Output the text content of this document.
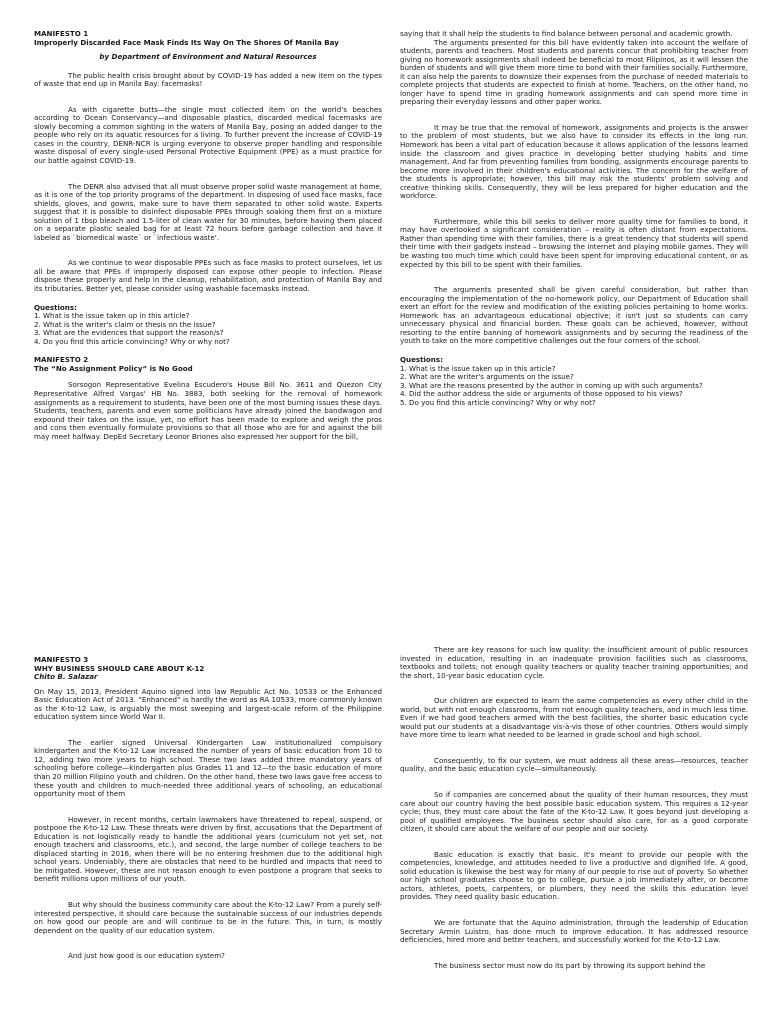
MANIFESTO 1
Improperly Discarded Face Mask Finds Its Way On The Shores Of Manila Bay
by Department of Environment and Natural Resources

The public health crisis brought about by COVID-19 has added a new item on the types of waste that end up in Manila Bay: facemasks!

As with cigarette butts—the single most collected item on the world's beaches according to Ocean Conservancy—and disposable plastics, discarded medical facemasks are slowly becoming a common sighting in the waters of Manila Bay, posing an added danger to the people who rely on its aquatic resources for a living. To further prevent the increase of COVID-19 cases in the country, DENR-NCR is urging everyone to observe proper handling and responsible waste disposal of every single-used Personal Protective Equipment (PPE) as a must practice for our battle against COVID-19.

The DENR also advised that all must observe proper solid waste management at home, as it is one of the top priority programs of the department. In disposing of used face masks, face shields, gloves, and gowns, make sure to have them separated to other solid waste. Experts suggest that it is possible to disinfect disposable PPEs through soaking them first on a mixture solution of 1 tbsp bleach and 1.5-liter of clean water for 30 minutes, before having them placed on a separate plastic sealed bag for at least 72 hours before garbage collection and have it labeled as `biomedical waste` or `infectious waste'.

As we continue to wear disposable PPEs such as face masks to protect ourselves, let us all be aware that PPEs if improperly disposed can expose other people to infection. Please dispose these properly and help in the cleanup, rehabilitation, and protection of Manila Bay and its tributaries. Better yet, please consider using washable facemasks instead.

Questions:
1. What is the issue taken up in this article?
2. What is the writer's claim or thesis on the issue?
3. What are the evidences that support the reason/s?
4. Do you find this article convincing? Why or why not?
MANIFESTO 2
The “No Assignment Policy” is No Good

Sorsogon Representative Evelina Escudero's House Bill No. 3611 and Quezon City Representative Alfred Vargas' HB No. 3883, both seeking for the removal of homework assignments as a requirement to students, have been one of the most burning issues these days. Students, teachers, parents and even some politicians have already joined the bandwagon and expound their takes on the issue, yet, no effort has been made to explore and weigh the pros and cons then eventually formulate provisions so that all those who are for and against the bill may meet halfway. DepEd Secretary Leonor Briones also expressed her support for the bill,

saying that it shall help the students to find balance between personal and academic growth.

The arguments presented for this bill have evidently taken into account the welfare of students, parents and teachers. Most students and parents concur that prohibiting teacher from giving no homework assignments shall indeed be beneficial to most Filipinos, as it will lessen the burden of students and will give them more time to bond with their families socially. Furthermore, it can also help the parents to downsize their expenses from the purchase of needed materials to complete projects that students are expected to finish at home. Teachers, on the other hand, no longer have to spend time in grading homework assignments and can spend more time in preparing their everyday lessons and other paper works.

It may be true that the removal of homework, assignments and projects is the answer to the problem of most students, but we also have to consider its effects in the long run. Homework has been a vital part of education because it allows application of the lessons learned inside the classroom and gives practice in developing better studying habits and time management. And far from preventing families from bonding, assignments encourage parents to become more involved in their children's educational activities. The concern for the welfare of the students is appropriate; however, this bill may risk the students' problem solving and creative thinking skills. Consequently, they will be less prepared for higher education and the workforce.

Furthermore, while this bill seeks to deliver more quality time for families to bond, it may have overlooked a significant consideration – reality is often distant from expectations. Rather than spending time with their families, there is a great tendency that students will spend their time with their gadgets instead – browsing the internet and playing mobile games. They will be wasting too much time which could have been spent for improving educational content, or as expected by this bill to be spent with their families.

The arguments presented shall be given careful consideration, but rather than encouraging the implementation of the no-homework policy, our Department of Education shall exert an effort for the review and modification of the existing policies pertaining to home works. Homework has an advantageous educational objective; it isn't just so students can carry unnecessary physical and financial burden. These goals can be achieved, however, without resorting to the entire banning of homework assignments and by securing the readiness of the youth to take on the more competitive challenges out the four corners of the school.

Questions:
1. What is the issue taken up in this article?
2. What are the writer's arguments on the issue?
3. What are the reasons presented by the author in coming up with such arguments?
4. Did the author address the side or arguments of those opposed to his views?
5. Do you find this article convincing? Why or why not?
MANIFESTO 3
WHY BUSINESS SHOULD CARE ABOUT K-12
Chito B. Salazar

On May 15, 2013, President Aquino signed into law Republic Act No. 10533 or the Enhanced Basic Education Act of 2013. “Enhanced” is hardly the word as RA 10533, more commonly known as the K-to-12 Law, is arguably the most sweeping and largest-scale reform of the Philippine education system since World War II.

The earlier signed Universal Kindergarten Law institutionalized compulsory kindergarten and the K-to-12 Law increased the number of years of basic education from 10 to 12, adding two more years to high school. These two laws added three mandatory years of schooling before college—kindergarten plus Grades 11 and 12—to the basic education of more than 20 million Filipino youth and children. On the other hand, these two laws gave free access to these youth and children to much-needed three additional years of schooling, an educational opportunity most of them

However, in recent months, certain lawmakers have threatened to repeal, suspend, or postpone the K-to-12 Law. These threats were driven by first, accusations that the Department of Education is not logistically ready to handle the additional years (curriculum not yet set, not enough teachers and classrooms, etc.), and second, the large number of college teachers to be displaced starting in 2016, when there will be no entering freshmen due to the additional high school years. Undeniably, there are obstacles that need to be hurdled and impacts that need to be mitigated. However, these are not reason enough to even postpone a program that seeks to benefit millions upon millions of our youth.

But why should the business community care about the K-to-12 Law? From a purely self-interested perspective, it should care because the sustainable success of our industries depends on how good our people are and will continue to be in the future. This, in turn, is mostly dependent on the quality of our education system.

And just how good is our education system?

There are key reasons for such low quality: the insufficient amount of public resources invested in education, resulting in an inadequate provision facilities such as classrooms, textbooks and toilets; not enough quality teachers or quality teacher training opportunities; and the short, 10-year basic education cycle.

Our children are expected to learn the same competencies as every other child in the world, but with not enough classrooms, from not enough quality teachers, and in much less time. Even if we had good teachers armed with the best facilities, the shorter basic education cycle would put our students at a disadvantage vis-à-vis those of other countries. Others would simply have more time to learn what needed to be learned in grade school and high school.

Consequently, to fix our system, we must address all these areas—resources, teacher quality, and the basic education cycle—simultaneously.

So if companies are concerned about the quality of their human resources, they must care about our country having the best possible basic education system. This requires a 12-year cycle; thus, they must care about the fate of the K-to-12 Law. It goes beyond just developing a pool of qualified employees. The business sector should also care, for as a good corporate citizen, it should care about the welfare of our people and our society.

Basic education is exactly that basic. It's meant to provide our people with the competencies, knowledge, and attitudes needed to live a productive and dignified life. A good, solid education is likewise the best way for many of our people to rise out of poverty. So whether our high school graduates choose to go to college, pursue a job immediately after, or become actors, athletes, poets, carpenters, or plumbers, they need the skills this education level provides. They need quality basic education.

We are fortunate that the Aquino administration, through the leadership of Education Secretary Armin Luistro, has done much to improve education. It has addressed resource deficiencies, hired more and better teachers, and successfully worked for the K-to-12 Law.

The business sector must now do its part by throwing its support behind the
